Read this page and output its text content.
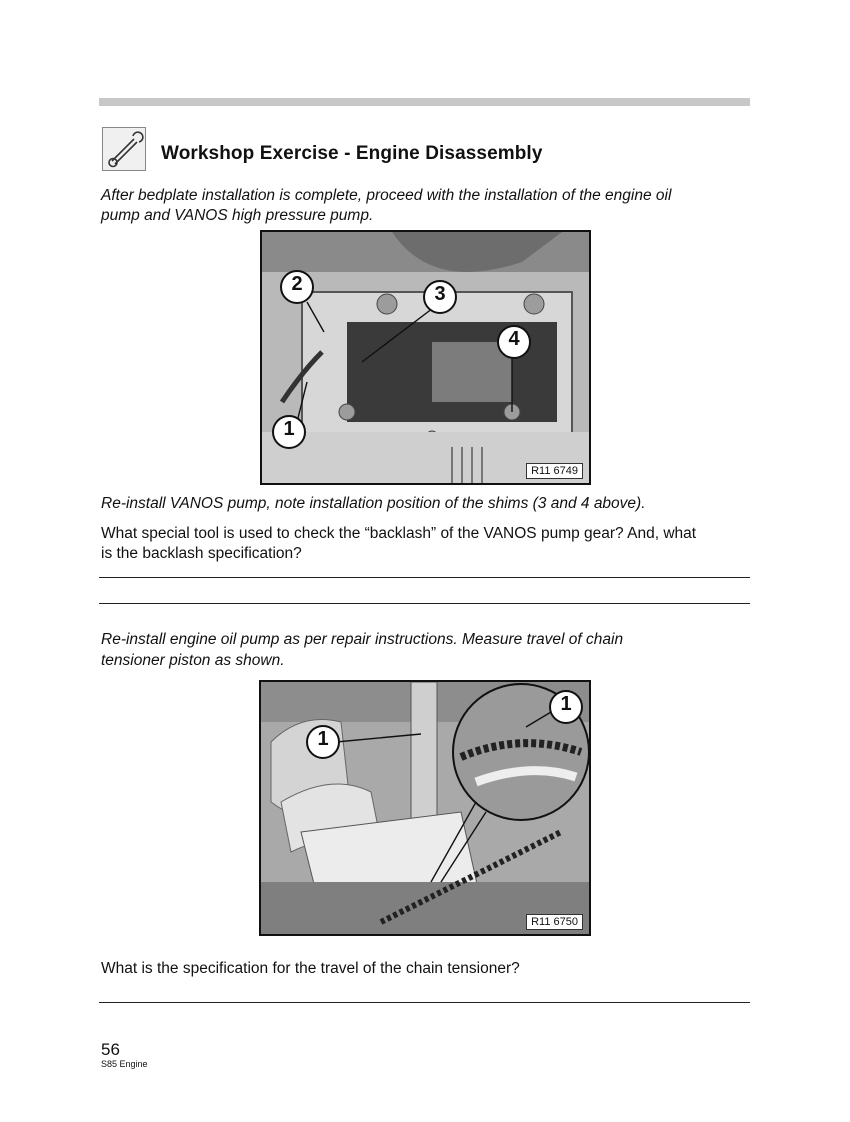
Workshop Exercise - Engine Disassembly
After bedplate installation is complete, proceed with the installation of the engine oil
pump and VANOS high pressure pump.
2	3
4
1
R11 6749
Re-install VANOS pump, note installation position of the shims (3 and 4 above).
What special tool is used to check the “backlash” of the VANOS pump gear? And, what
is the backlash specification?
Re-install engine oil pump as per repair instructions. Measure travel of chain
tensioner piston as shown.
1
1
R11 6750
What is the specification for the travel of the chain tensioner?
56
S85 Engine
